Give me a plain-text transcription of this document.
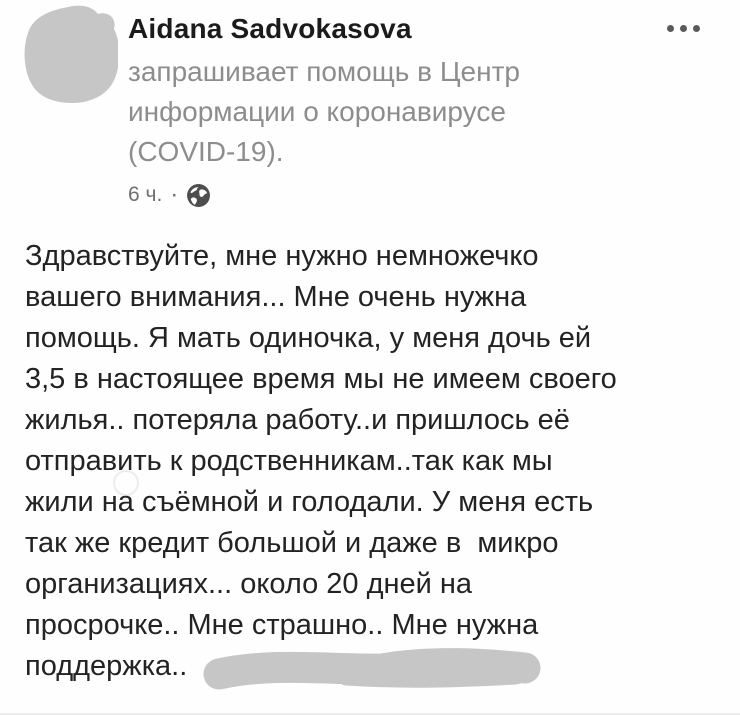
Aidana Sadvokasova
запрашивает помощь в Центр
информации о коронавирусе
(COVID-19).
6 ч. ·
Здравствуйте, мне нужно немножечко
вашего внимания... Мне очень нужна
помощь. Я мать одиночка, у меня дочь ей
3,5 в настоящее время мы не имеем своего
жилья.. потеряла работу..и пришлось её
отправить к родственникам..так как мы
жили на съёмной и голодали. У меня есть
так же кредит большой и даже в  микро
организациях... около 20 дней на
просрочке.. Мне страшно.. Мне нужна
поддержка..
